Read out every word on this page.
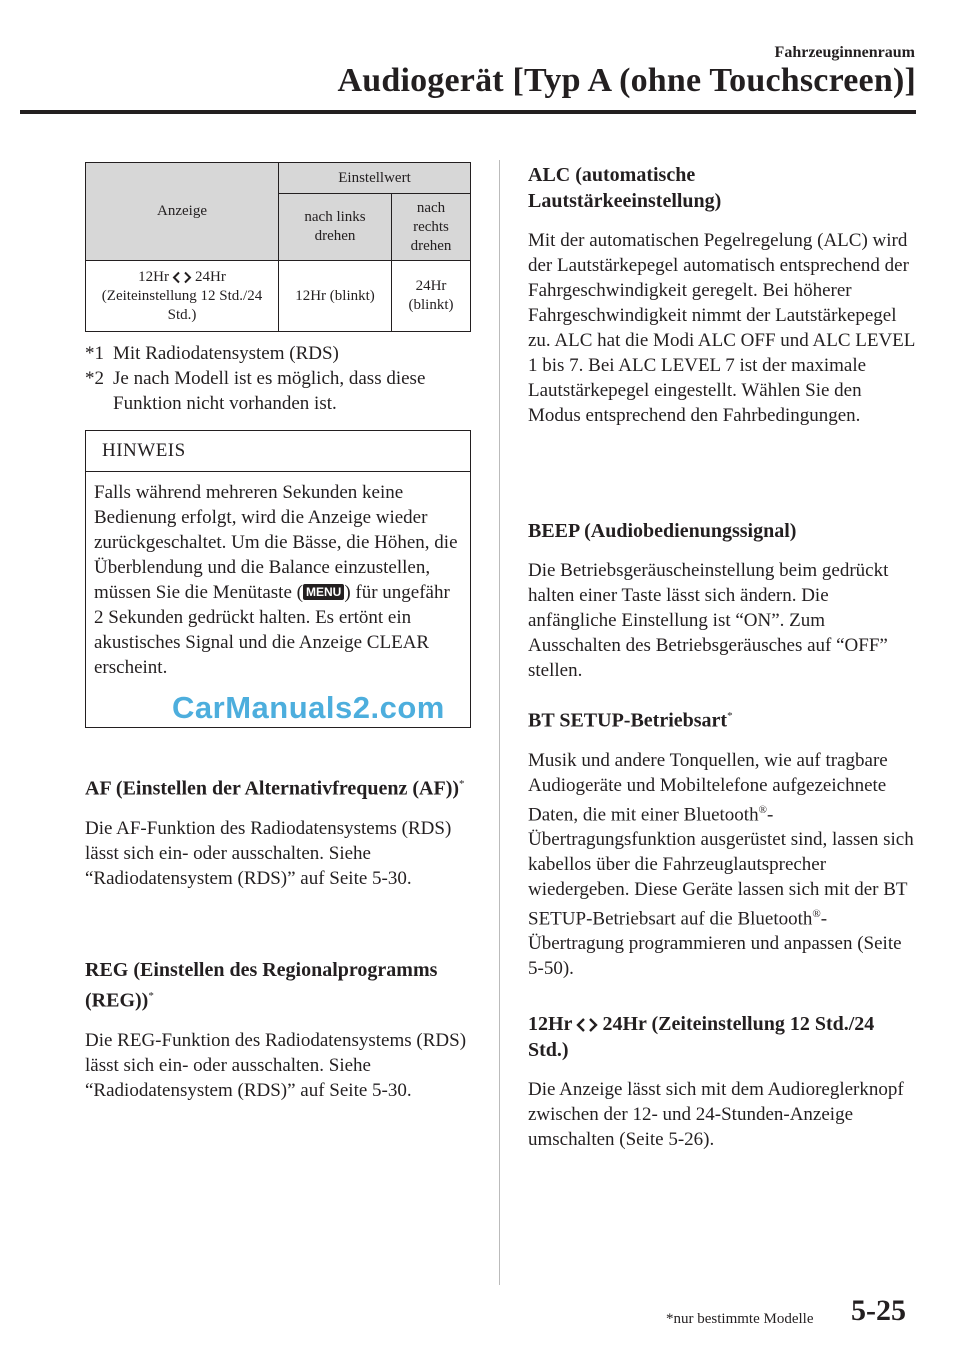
Fahrzeuginnenraum
Audiogerät [Typ A (ohne Touchscreen)]
Anzeige	Einstellwert	
	nach links drehen	nach rechts drehen
12Hr 24Hr
(Zeiteinstellung 12 Std./24 Std.)	12Hr (blinkt)	24Hr (blinkt)
*1 Mit Radiodatensystem (RDS)
*2 Je nach Modell ist es möglich, dass diese Funktion nicht vorhanden ist.
HINWEIS
Falls während mehreren Sekunden keine Bedienung erfolgt, wird die Anzeige wieder zurückgeschaltet. Um die Bässe, die Höhen, die Überblendung und die Balance einzustellen, müssen Sie die Menütaste ( MENU ) für ungefähr 2 Sekunden gedrückt halten. Es ertönt ein akustisches Signal und die Anzeige CLEAR erscheint.
CarManuals2.com
AF (Einstellen der Alternativfrequenz (AF))*
Die AF-Funktion des Radiodatensystems (RDS) lässt sich ein- oder ausschalten. Siehe “Radiodatensystem (RDS)” auf Seite 5-30.
REG (Einstellen des Regionalprogramms (REG))*
Die REG-Funktion des Radiodatensystems (RDS) lässt sich ein- oder ausschalten. Siehe “Radiodatensystem (RDS)” auf Seite 5-30.
ALC (automatische Lautstärkeeinstellung)
Mit der automatischen Pegelregelung (ALC) wird der Lautstärkepegel automatisch entsprechend der Fahrgeschwindigkeit geregelt. Bei höherer Fahrgeschwindigkeit nimmt der Lautstärkepegel zu. ALC hat die Modi ALC OFF und ALC LEVEL 1 bis 7. Bei ALC LEVEL 7 ist der maximale Lautstärkepegel eingestellt. Wählen Sie den Modus entsprechend den Fahrbedingungen.
BEEP (Audiobedienungssignal)
Die Betriebsgeräuscheinstellung beim gedrückt halten einer Taste lässt sich ändern. Die anfängliche Einstellung ist “ON”. Zum Ausschalten des Betriebsgeräusches auf “OFF” stellen.
BT SETUP-Betriebsart*
Musik und andere Tonquellen, wie auf tragbare Audiogeräte und Mobiltelefone aufgezeichnete Daten, die mit einer Bluetooth®-Übertragungsfunktion ausgerüstet sind, lassen sich kabellos über die Fahrzeuglautsprecher wiedergeben. Diese Geräte lassen sich mit der BT SETUP-Betriebsart auf die Bluetooth®-Übertragung programmieren und anpassen (Seite 5-50).
12Hr 24Hr (Zeiteinstellung 12 Std./24 Std.)
Die Anzeige lässt sich mit dem Audioreglerknopf zwischen der 12- und 24-Stunden-Anzeige umschalten (Seite 5-26).
*nur bestimmte Modelle 5-25
